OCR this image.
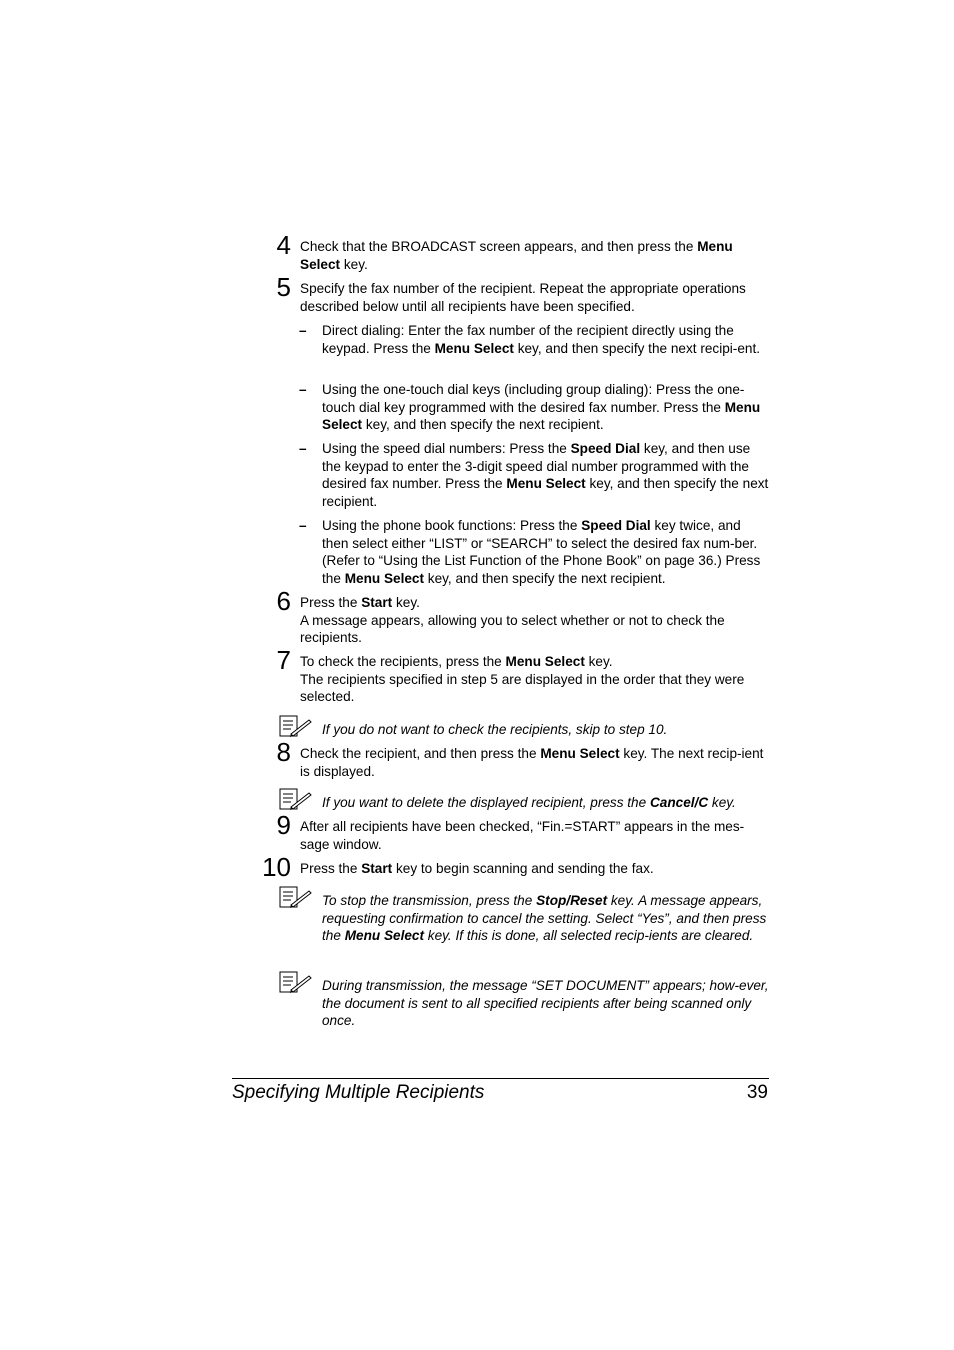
4 Check that the BROADCAST screen appears, and then press the Menu Select key.
5 Specify the fax number of the recipient. Repeat the appropriate operations described below until all recipients have been specified.
– Direct dialing: Enter the fax number of the recipient directly using the keypad. Press the Menu Select key, and then specify the next recipi-ent.
– Using the one-touch dial keys (including group dialing): Press the one-touch dial key programmed with the desired fax number. Press the Menu Select key, and then specify the next recipient.
– Using the speed dial numbers: Press the Speed Dial key, and then use the keypad to enter the 3-digit speed dial number programmed with the desired fax number. Press the Menu Select key, and then specify the next recipient.
– Using the phone book functions: Press the Speed Dial key twice, and then select either “LIST” or “SEARCH” to select the desired fax num-ber. (Refer to “Using the List Function of the Phone Book” on page 36.) Press the Menu Select key, and then specify the next recipient.
6 Press the Start key.
A message appears, allowing you to select whether or not to check the recipients.
7 To check the recipients, press the Menu Select key.
The recipients specified in step 5 are displayed in the order that they were selected.
If you do not want to check the recipients, skip to step 10.
8 Check the recipient, and then press the Menu Select key. The next recip-ient is displayed.
If you want to delete the displayed recipient, press the Cancel/C key.
9 After all recipients have been checked, “Fin.=START” appears in the mes-sage window.
10 Press the Start key to begin scanning and sending the fax.
To stop the transmission, press the Stop/Reset key. A message appears, requesting confirmation to cancel the setting. Select “Yes”, and then press the Menu Select key. If this is done, all selected recip-ients are cleared.
During transmission, the message “SET DOCUMENT” appears; how-ever, the document is sent to all specified recipients after being scanned only once.
Specifying Multiple Recipients	39
